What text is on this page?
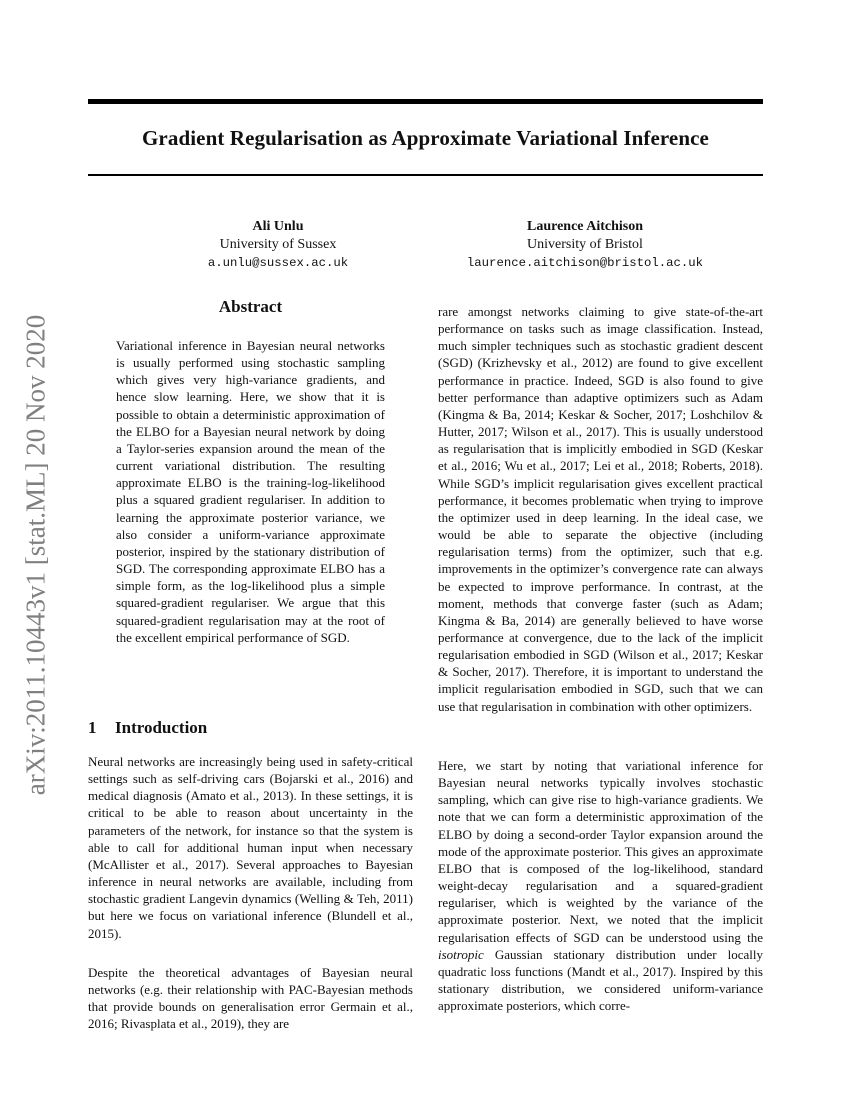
Gradient Regularisation as Approximate Variational Inference
arXiv:2011.10443v1 [stat.ML] 20 Nov 2020
Ali Unlu
University of Sussex
a.unlu@sussex.ac.uk
Laurence Aitchison
University of Bristol
laurence.aitchison@bristol.ac.uk
Abstract

Variational inference in Bayesian neural networks is usually performed using stochastic sampling which gives very high-variance gradients, and hence slow learning. Here, we show that it is possible to obtain a deterministic approximation of the ELBO for a Bayesian neural network by doing a Taylor-series expansion around the mean of the current variational distribution. The resulting approximate ELBO is the training-log-likelihood plus a squared gradient regulariser. In addition to learning the approximate posterior variance, we also consider a uniform-variance approximate posterior, inspired by the stationary distribution of SGD. The corresponding approximate ELBO has a simple form, as the log-likelihood plus a simple squared-gradient regulariser. We argue that this squared-gradient regularisation may at the root of the excellent empirical performance of SGD.

1 Introduction

Neural networks are increasingly being used in safety-critical settings such as self-driving cars (Bojarski et al., 2016) and medical diagnosis (Amato et al., 2013). In these settings, it is critical to be able to reason about uncertainty in the parameters of the network, for instance so that the system is able to call for additional human input when necessary (McAllister et al., 2017). Several approaches to Bayesian inference in neural networks are available, including from stochastic gradient Langevin dynamics (Welling & Teh, 2011) but here we focus on variational inference (Blundell et al., 2015).

Despite the theoretical advantages of Bayesian neural networks (e.g. their relationship with PAC-Bayesian methods that provide bounds on generalisation error Germain et al., 2016; Rivasplata et al., 2019), they are

rare amongst networks claiming to give state-of-the-art performance on tasks such as image classification. Instead, much simpler techniques such as stochastic gradient descent (SGD) (Krizhevsky et al., 2012) are found to give excellent performance in practice. Indeed, SGD is also found to give better performance than adaptive optimizers such as Adam (Kingma & Ba, 2014; Keskar & Socher, 2017; Loshchilov & Hutter, 2017; Wilson et al., 2017). This is usually understood as regularisation that is implicitly embodied in SGD (Keskar et al., 2016; Wu et al., 2017; Lei et al., 2018; Roberts, 2018). While SGD’s implicit regularisation gives excellent practical performance, it becomes problematic when trying to improve the optimizer used in deep learning. In the ideal case, we would be able to separate the objective (including regularisation terms) from the optimizer, such that e.g. improvements in the optimizer’s convergence rate can always be expected to improve performance. In contrast, at the moment, methods that converge faster (such as Adam; Kingma & Ba, 2014) are generally believed to have worse performance at convergence, due to the lack of the implicit regularisation embodied in SGD (Wilson et al., 2017; Keskar & Socher, 2017). Therefore, it is important to understand the implicit regularisation embodied in SGD, such that we can use that regularisation in combination with other optimizers.

Here, we start by noting that variational inference for Bayesian neural networks typically involves stochastic sampling, which can give rise to high-variance gradients. We note that we can form a deterministic approximation of the ELBO by doing a second-order Taylor expansion around the mode of the approximate posterior. This gives an approximate ELBO that is composed of the log-likelihood, standard weight-decay regularisation and a squared-gradient regulariser, which is weighted by the variance of the approximate posterior. Next, we noted that the implicit regularisation effects of SGD can be understood using the isotropic Gaussian stationary distribution under locally quadratic loss functions (Mandt et al., 2017). Inspired by this stationary distribution, we considered uniform-variance approximate posteriors, which corre-
